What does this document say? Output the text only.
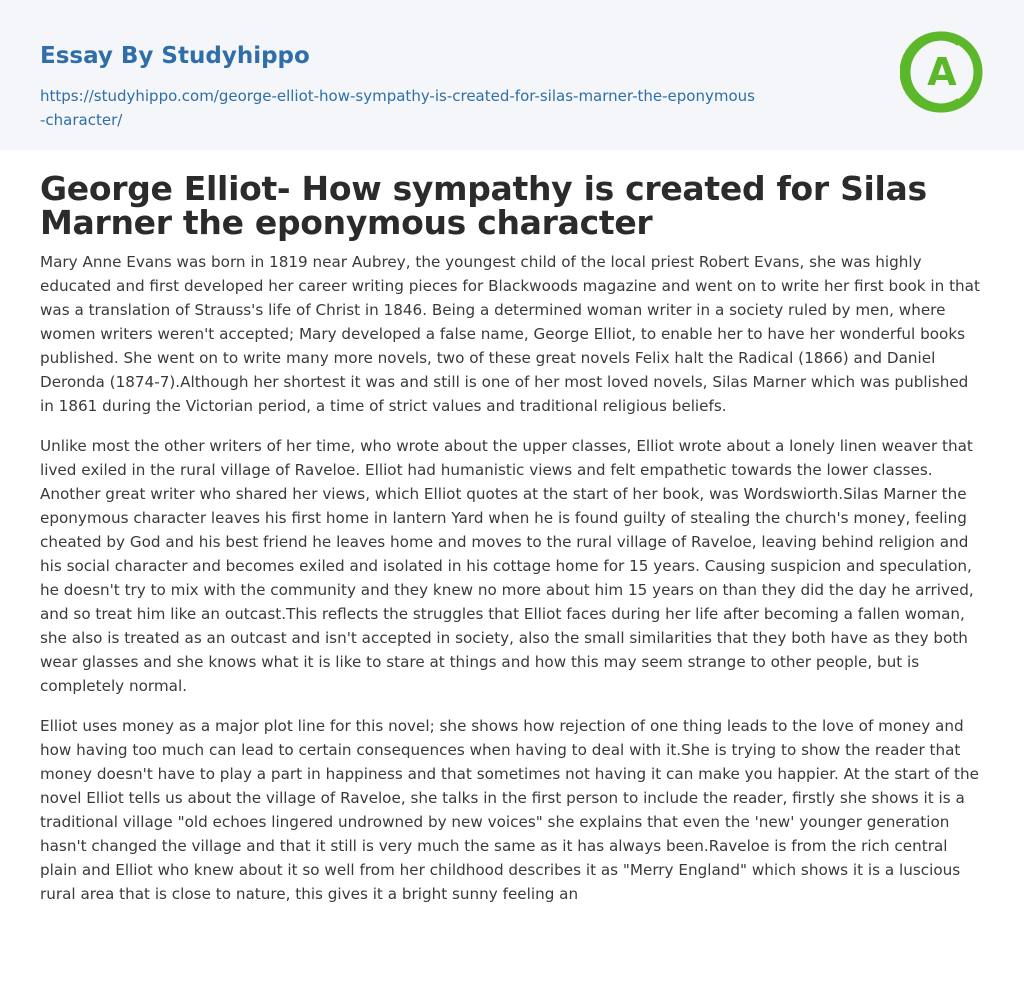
Essay By Studyhippo
https://studyhippo.com/george-elliot-how-sympathy-is-created-for-silas-marner-the-eponymous-character/
A
George Elliot- How sympathy is created for Silas Marner the eponymous character

Mary Anne Evans was born in 1819 near Aubrey, the youngest child of the local priest Robert Evans, she was highly educated and first developed her career writing pieces for Blackwoods magazine and went on to write her first book in that was a translation of Strauss's life of Christ in 1846. Being a determined woman writer in a society ruled by men, where women writers weren't accepted; Mary developed a false name, George Elliot, to enable her to have her wonderful books published. She went on to write many more novels, two of these great novels Felix halt the Radical (1866) and Daniel Deronda (1874-7).Although her shortest it was and still is one of her most loved novels, Silas Marner which was published in 1861 during the Victorian period, a time of strict values and traditional religious beliefs.

Unlike most the other writers of her time, who wrote about the upper classes, Elliot wrote about a lonely linen weaver that lived exiled in the rural village of Raveloe. Elliot had humanistic views and felt empathetic towards the lower classes. Another great writer who shared her views, which Elliot quotes at the start of her book, was Wordswiorth.Silas Marner the eponymous character leaves his first home in lantern Yard when he is found guilty of stealing the church's money, feeling cheated by God and his best friend he leaves home and moves to the rural village of Raveloe, leaving behind religion and his social character and becomes exiled and isolated in his cottage home for 15 years. Causing suspicion and speculation, he doesn't try to mix with the community and they knew no more about him 15 years on than they did the day he arrived, and so treat him like an outcast.This reflects the struggles that Elliot faces during her life after becoming a fallen woman, she also is treated as an outcast and isn't accepted in society, also the small similarities that they both have as they both wear glasses and she knows what it is like to stare at things and how this may seem strange to other people, but is completely normal.

Elliot uses money as a major plot line for this novel; she shows how rejection of one thing leads to the love of money and how having too much can lead to certain consequences when having to deal with it.She is trying to show the reader that money doesn't have to play a part in happiness and that sometimes not having it can make you happier. At the start of the novel Elliot tells us about the village of Raveloe, she talks in the first person to include the reader, firstly she shows it is a traditional village "old echoes lingered undrowned by new voices" she explains that even the 'new' younger generation hasn't changed the village and that it still is very much the same as it has always been.Raveloe is from the rich central plain and Elliot who knew about it so well from her childhood describes it as "Merry England" which shows it is a luscious rural area that is close to nature, this gives it a bright sunny feeling an
